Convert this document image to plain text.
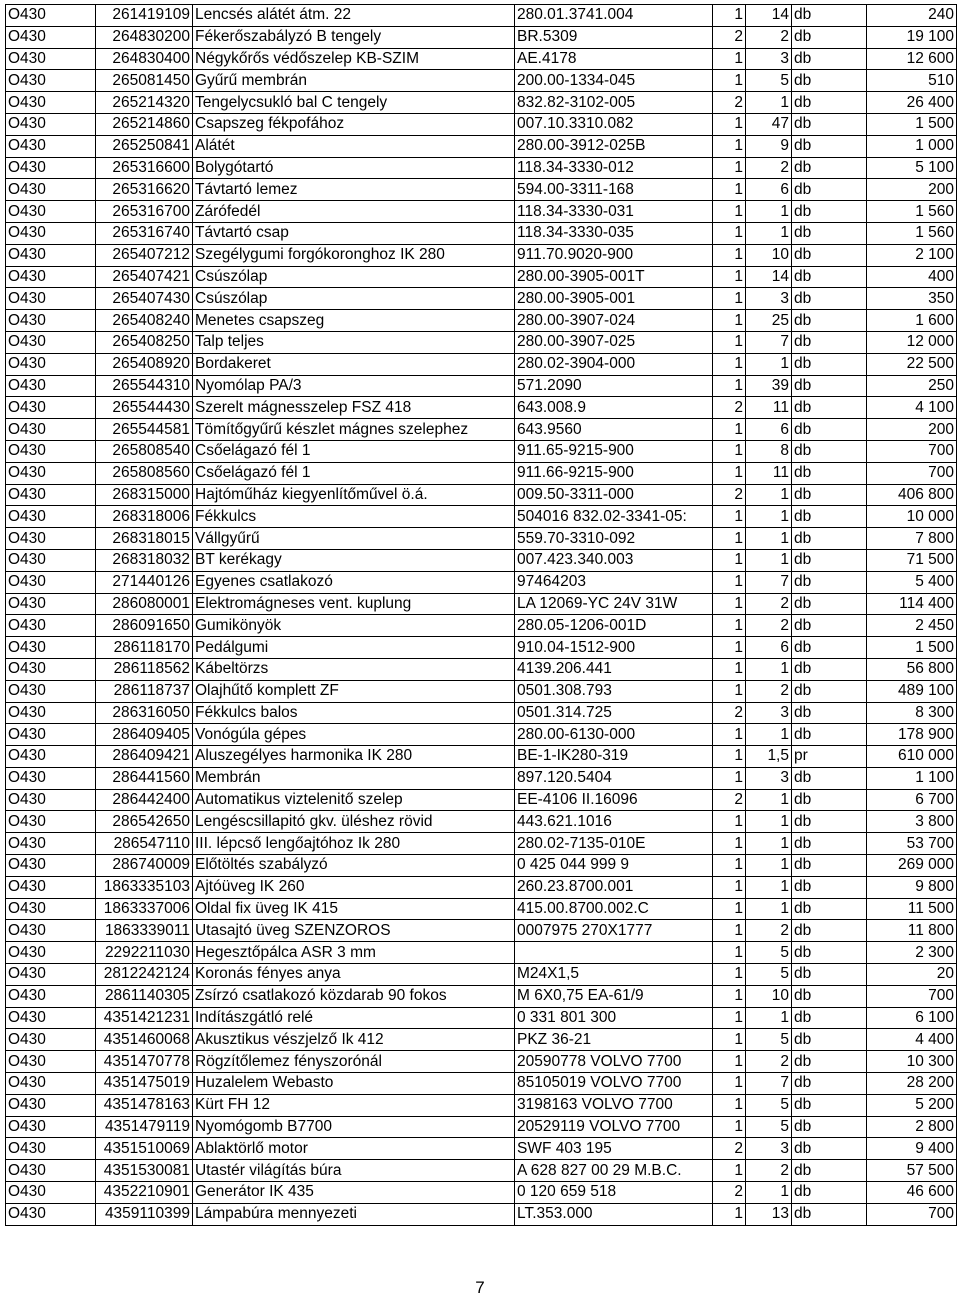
O430	261419109	Lencsés alátét átm. 22	280.01.3741.004	1	14	db	240
O430	264830200	Fékerőszabályzó B tengely	BR.5309	2	2	db	19 100
O430	264830400	Négykőrős védőszelep KB-SZIM	AE.4178	1	3	db	12 600
O430	265081450	Gyűrű membrán	200.00-1334-045	1	5	db	510
O430	265214320	Tengelycsukló bal C tengely	832.82-3102-005	2	1	db	26 400
O430	265214860	Csapszeg fékpofához	007.10.3310.082	1	47	db	1 500
O430	265250841	Alátét	280.00-3912-025B	1	9	db	1 000
O430	265316600	Bolygótartó	118.34-3330-012	1	2	db	5 100
O430	265316620	Távtartó lemez	594.00-3311-168	1	6	db	200
O430	265316700	Zárófedél	118.34-3330-031	1	1	db	1 560
O430	265316740	Távtartó csap	118.34-3330-035	1	1	db	1 560
O430	265407212	Szegélygumi forgókoronghoz IK 280	911.70.9020-900	1	10	db	2 100
O430	265407421	Csúszólap	280.00-3905-001T	1	14	db	400
O430	265407430	Csúszólap	280.00-3905-001	1	3	db	350
O430	265408240	Menetes csapszeg	280.00-3907-024	1	25	db	1 600
O430	265408250	Talp teljes	280.00-3907-025	1	7	db	12 000
O430	265408920	Bordakeret	280.02-3904-000	1	1	db	22 500
O430	265544310	Nyomólap PA/3	571.2090	1	39	db	250
O430	265544430	Szerelt mágnesszelep FSZ 418	643.008.9	2	11	db	4 100
O430	265544581	Tömítőgyűrű készlet mágnes szelephez	643.9560	1	6	db	200
O430	265808540	Csőelágazó fél 1	911.65-9215-900	1	8	db	700
O430	265808560	Csőelágazó fél 1	911.66-9215-900	1	11	db	700
O430	268315000	Hajtóműház kiegyenlítőművel ö.á.	009.50-3311-000	2	1	db	406 800
O430	268318006	Fékkulcs	504016 832.02-3341-05:	1	1	db	10 000
O430	268318015	Vállgyűrű	559.70-3310-092	1	1	db	7 800
O430	268318032	BT kerékagy	007.423.340.003	1	1	db	71 500
O430	271440126	Egyenes csatlakozó	97464203	1	7	db	5 400
O430	286080001	Elektromágneses vent. kuplung	LA 12069-YC 24V 31W	1	2	db	114 400
O430	286091650	Gumikönyök	280.05-1206-001D	1	2	db	2 450
O430	286118170	Pedálgumi	910.04-1512-900	1	6	db	1 500
O430	286118562	Kábeltörzs	4139.206.441	1	1	db	56 800
O430	286118737	Olajhűtő komplett ZF	0501.308.793	1	2	db	489 100
O430	286316050	Fékkulcs balos	0501.314.725	2	3	db	8 300
O430	286409405	Vonógúla gépes	280.00-6130-000	1	1	db	178 900
O430	286409421	Aluszegélyes harmonika IK 280	BE-1-IK280-319	1	1,5	pr	610 000
O430	286441560	Membrán	897.120.5404	1	3	db	1 100
O430	286442400	Automatikus viztelenitő szelep	EE-4106 II.16096	2	1	db	6 700
O430	286542650	Lengéscsillapitó gkv. üléshez rövid	443.621.1016	1	1	db	3 800
O430	286547110	III. lépcső lengőajtóhoz Ik 280	280.02-7135-010E	1	1	db	53 700
O430	286740009	Előtöltés szabályzó	0 425 044 999 9	1	1	db	269 000
O430	1863335103	Ajtóüveg IK 260	260.23.8700.001	1	1	db	9 800
O430	1863337006	Oldal fix üveg IK 415	415.00.8700.002.C	1	1	db	11 500
O430	1863339011	Utasajtó üveg SZENZOROS	0007975 270X1777	1	2	db	11 800
O430	2292211030	Hegesztőpálca ASR 3 mm		1	5	db	2 300
O430	2812242124	Koronás fényes anya	M24X1,5	1	5	db	20
O430	2861140305	Zsírzó csatlakozó közdarab 90 fokos	M 6X0,75 EA-61/9	1	10	db	700
O430	4351421231	Indítászgátló relé	0 331 801 300	1	1	db	6 100
O430	4351460068	Akusztikus vészjelző Ik 412	PKZ 36-21	1	5	db	4 400
O430	4351470778	Rögzítőlemez fényszorónál	20590778 VOLVO 7700	1	2	db	10 300
O430	4351475019	Huzalelem Webasto	85105019 VOLVO 7700	1	7	db	28 200
O430	4351478163	Kürt FH 12	3198163 VOLVO 7700	1	5	db	5 200
O430	4351479119	Nyomógomb B7700	20529119 VOLVO 7700	1	5	db	2 800
O430	4351510069	Ablaktörlő motor	SWF 403 195	2	3	db	9 400
O430	4351530081	Utastér világítás búra	A 628 827 00 29 M.B.C.	1	2	db	57 500
O430	4352210901	Generátor IK 435	0 120 659 518	2	1	db	46 600
O430	4359110399	Lámpabúra mennyezeti	LT.353.000	1	13	db	700
7
